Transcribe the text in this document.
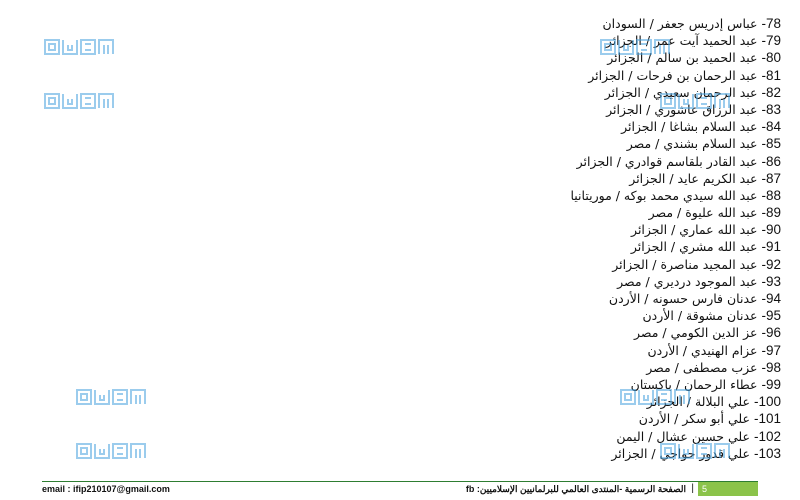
78- عباس إدريس جعفر / السودان
79- عبد الحميد آيت عمر / الجزائر
80- عبد الحميد بن سالم / الجزائر
81- عبد الرحمان بن فرحات / الجزائر
82- عبد الرحمان سعيدي / الجزائر
83- عبد الرزاق عاشوري / الجزائر
84- عبد السلام بشاغا / الجزائر
85- عبد السلام بشندي / مصر
86- عبد القادر بلقاسم قوادري / الجزائر
87- عبد الكريم عايد / الجزائر
88- عبد الله سيدي محمد بوكه / موريتانيا
89- عبد الله عليوة / مصر
90- عبد الله عماري / الجزائر
91- عبد الله مشري / الجزائر
92- عبد المجيد مناصرة / الجزائر
93- عبد الموجود درديري / مصر
94- عدنان فارس حسونه / الأردن
95- عدنان مشوقة / الأردن
96- عز الدين الكومي / مصر
97- عزام الهنيدي / الأردن
98- عزب مصطفى / مصر
99- عطاء الرحمان / باكستان
100- علي البلالة / الجزائر
101- علي أبو سكر / الأردن
102- علي حسين عشال / اليمن
103- علي قدور حواجي / الجزائر
email : ifip210107@gmail.com	الصفحة الرسمية -المنتدى العالمي للبرلمانيين الإسلاميين: fb | 5
